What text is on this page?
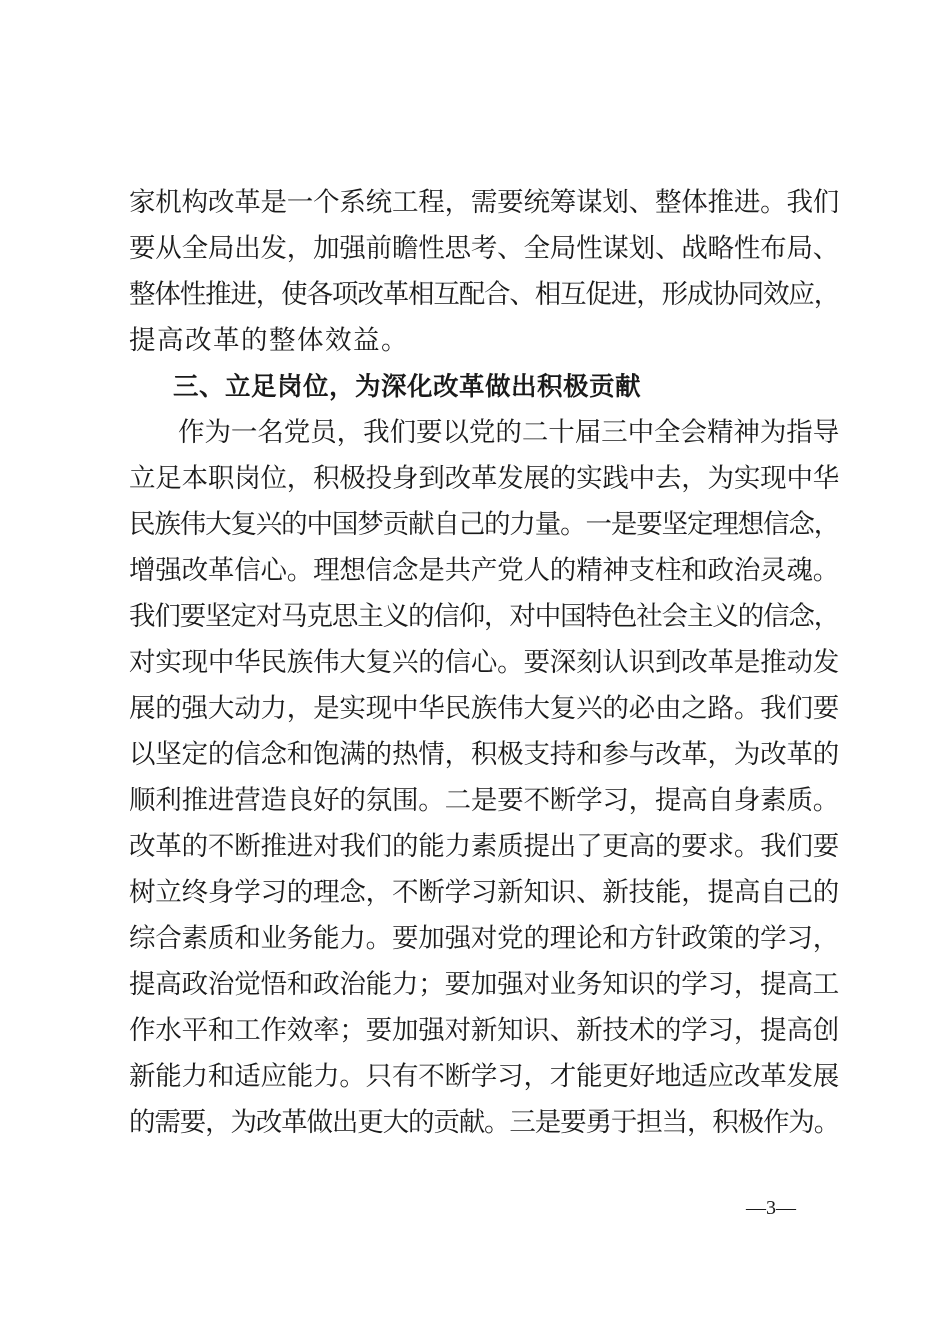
家机构改革是一个系统工程，需要统筹谋划、整体推进。我们
要从全局出发，加强前瞻性思考、全局性谋划、战略性布局、
整体性推进，使各项改革相互配合、相互促进，形成协同效应，
提高改革的整体效益。
三、立足岗位，为深化改革做出积极贡献
作为一名党员，我们要以党的二十届三中全会精神为指导
立足本职岗位，积极投身到改革发展的实践中去，为实现中华
民族伟大复兴的中国梦贡献自己的力量。一是要坚定理想信念，
增强改革信心。理想信念是共产党人的精神支柱和政治灵魂。
我们要坚定对马克思主义的信仰，对中国特色社会主义的信念，
对实现中华民族伟大复兴的信心。要深刻认识到改革是推动发
展的强大动力，是实现中华民族伟大复兴的必由之路。我们要
以坚定的信念和饱满的热情，积极支持和参与改革，为改革的
顺利推进营造良好的氛围。二是要不断学习，提高自身素质。
改革的不断推进对我们的能力素质提出了更高的要求。我们要
树立终身学习的理念，不断学习新知识、新技能，提高自己的
综合素质和业务能力。要加强对党的理论和方针政策的学习，
提高政治觉悟和政治能力；要加强对业务知识的学习，提高工
作水平和工作效率；要加强对新知识、新技术的学习，提高创
新能力和适应能力。只有不断学习，才能更好地适应改革发展
的需要，为改革做出更大的贡献。三是要勇于担当，积极作为。
—3—
